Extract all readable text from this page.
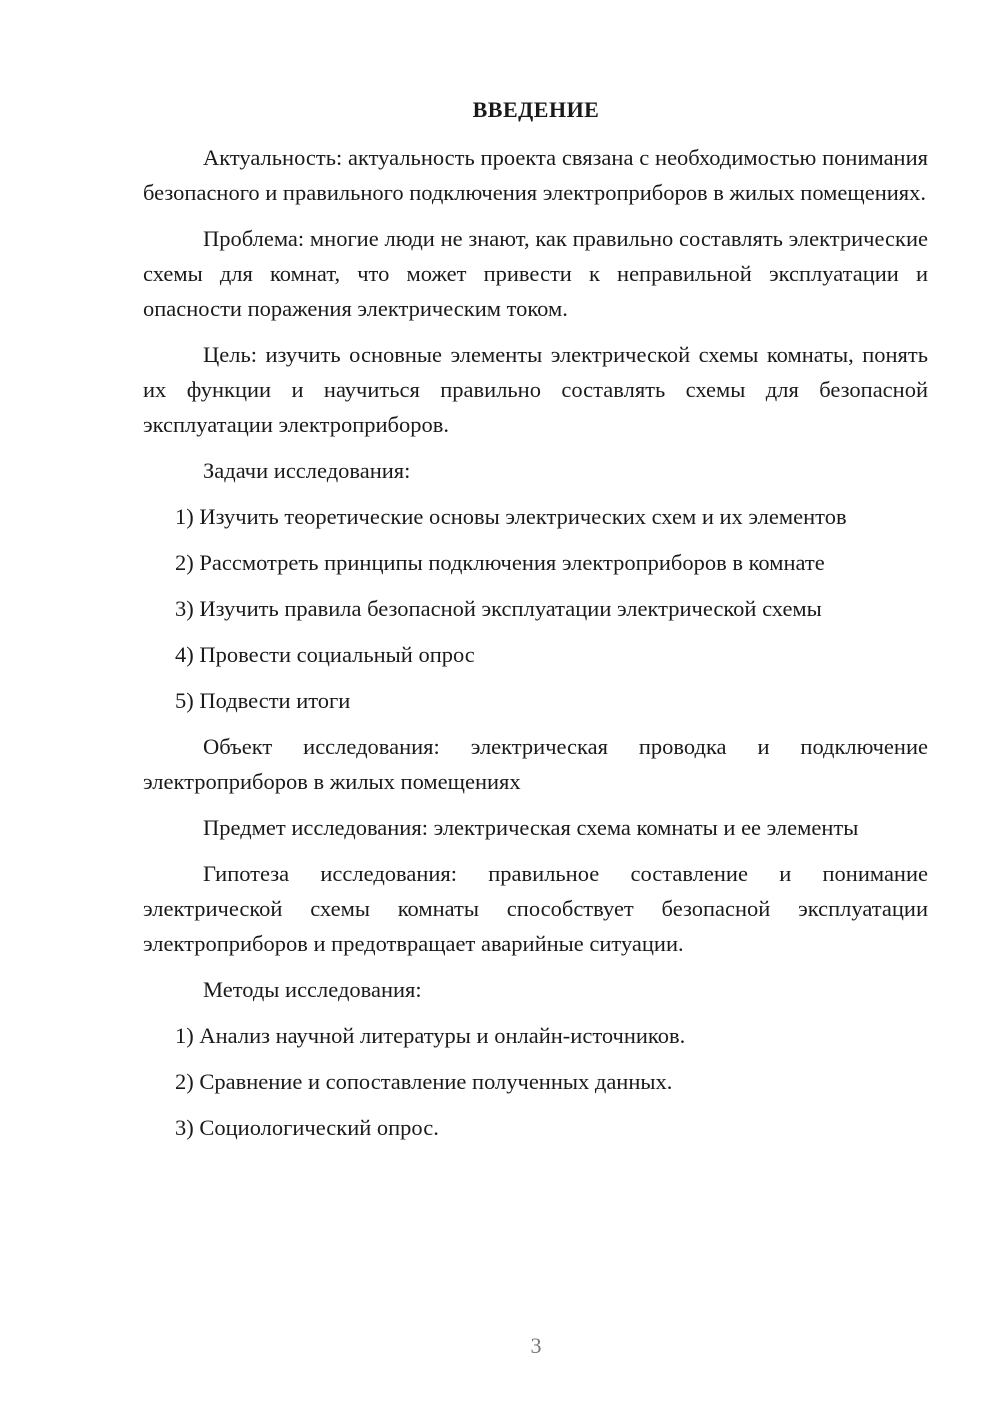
ВВЕДЕНИЕ

Актуальность: актуальность проекта связана с необходимостью понимания безопасного и правильного подключения электроприборов в жилых помещениях.

Проблема: многие люди не знают, как правильно составлять электрические схемы для комнат, что может привести к неправильной эксплуатации и опасности поражения электрическим током.

Цель: изучить основные элементы электрической схемы комнаты, понять их функции и научиться правильно составлять схемы для безопасной эксплуатации электроприборов.

Задачи исследования:

1) Изучить теоретические основы электрических схем и их элементов
2) Рассмотреть принципы подключения электроприборов в комнате
3) Изучить правила безопасной эксплуатации электрической схемы
4) Провести социальный опрос
5) Подвести итоги

Объект исследования: электрическая проводка и подключение электроприборов в жилых помещениях

Предмет исследования: электрическая схема комнаты и ее элементы

Гипотеза исследования: правильное составление и понимание электрической схемы комнаты способствует безопасной эксплуатации электроприборов и предотвращает аварийные ситуации.

Методы исследования:

1) Анализ научной литературы и онлайн-источников.
2) Сравнение и сопоставление полученных данных.
3) Социологический опрос.
3
